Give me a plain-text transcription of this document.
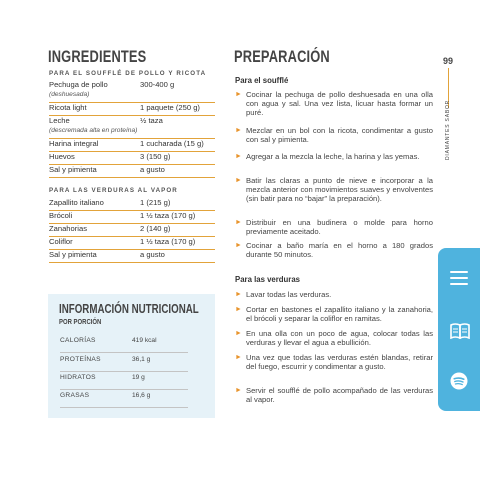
INGREDIENTES
PARA EL SOUFFLÉ DE POLLO Y RICOTA
Pechuga de pollo	300-400 g
(deshuesada)
Ricota light	1 paquete (250 g)
Leche	½ taza
(descremada alta en proteína)
Harina integral	1 cucharada (15 g)
Huevos	3 (150 g)
Sal y pimienta	a gusto
PARA LAS VERDURAS AL VAPOR
Zapallito italiano	1 (215 g)
Brócoli	1 ½ taza (170 g)
Zanahorias	2 (140 g)
Coliflor	1 ½ taza (170 g)
Sal y pimienta	a gusto
INFORMACIÓN NUTRICIONAL
POR PORCIÓN
CALORÍAS	419 kcal
PROTEÍNAS	36,1 g
HIDRATOS	19 g
GRASAS	16,6 g
PREPARACIÓN
Para el soufflé
► Cocinar la pechuga de pollo deshuesada en una olla con agua y sal. Una vez lista, licuar hasta formar un puré.
► Mezclar en un bol con la ricota, condimentar a gusto con sal y pimienta.
► Agregar a la mezcla la leche, la harina y las yemas.
► Batir las claras a punto de nieve e incorporar a la mezcla anterior con movimientos suaves y envolventes (sin batir para no “bajar” la preparación).
► Distribuir en una budinera o molde para horno previamente aceitado.
► Cocinar a baño maría en el horno a 180 grados durante 50 minutos.
Para las verduras
► Lavar todas las verduras.
► Cortar en bastones el zapallito italiano y la zanahoria, el brócoli y separar la coliflor en ramitas.
► En una olla con un poco de agua, colocar todas las verduras y llevar el agua a ebullición.
► Una vez que todas las verduras estén blandas, retirar del fuego, escurrir y condimentar a gusto.
► Servir el soufflé de pollo acompañado de las verduras al vapor.
99
DIAMANTES SABOR
